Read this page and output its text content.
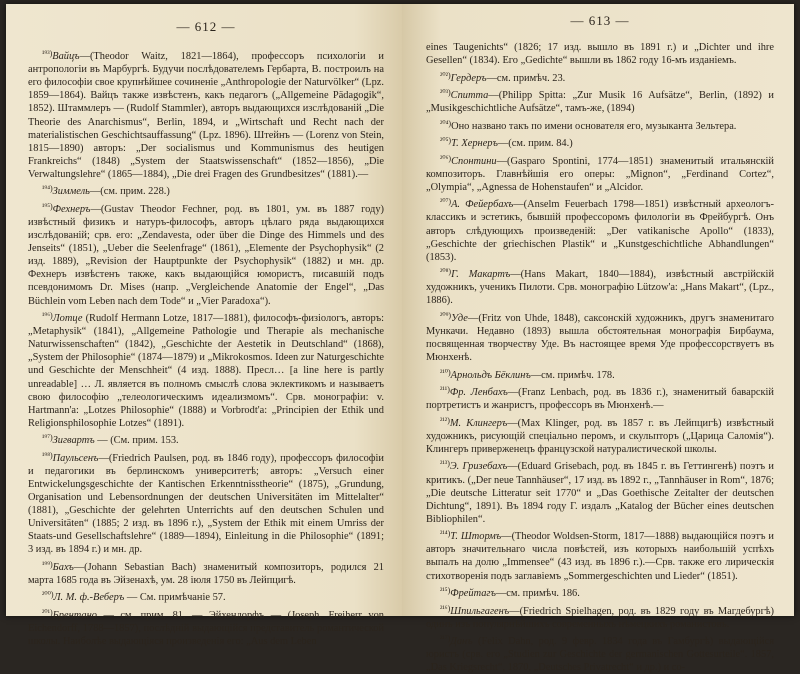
— 612 —

$^{^{193})}$Вайцъ—(Theodor Waitz, 1821—1864), профессоръ психологіи и антропологіи въ Марбургѣ. Будучи послѣдователемъ Гербарта, В. построилъ на его философіи свое крупнѣйшее сочиненіе „Anthropologie der Naturvölker“ (Lpz. 1859—1864). Вайцъ также извѣстенъ, какъ педагогъ („Allgemeine Pädagogik“, 1852). Штаммлеръ — (Rudolf Stammler), авторъ выдающихся изслѣдованій „Die Theorie des Anarchismus“, Berlin, 1894, и „Wirtschaft und Recht nach der materialistischen Geschichtsauffassung“ (Lpz. 1896). Штейнъ — (Lorenz von Stein, 1815—1890) авторъ: „Der socialismus und Kommunismus des heutigen Frankreichs“ (1848) „System der Staatswissenschaft“ (1852—1856), „Die Verwaltungslehre“ (1865—1884), „Die drei Fragen des Grundbesitzes“ (1881).—

$^{^{194})}$Зиммель—(см. прим. 228.)

$^{^{195})}$Фехнеръ—(Gustav Theodor Fechner, род. въ 1801, ум. въ 1887 году) извѣстный физикъ и натуръ-философъ, авторъ цѣлаго ряда выдающихся изслѣдованій; срв. его: „Zendavesta, oder über die Dinge des Himmels und des Jenseits“ (1851), „Ueber die Seelenfrage“ (1861), „Elemente der Psychophysik“ (2 изд. 1889), „Revision der Hauptpunkte der Psychophysik“ (1882) и мн. др. Фехнеръ извѣстенъ также, какъ выдающійся юмористъ, писавшій подъ псевдонимомъ Dr. Mises (напр. „Vergleichende Anatomie der Engel“, „Das Büchlein vom Leben nach dem Tode“ и „Vier Paradoxa“).

$^{^{196})}$Лотце (Rudolf Hermann Lotze, 1817—1881), философъ-физіологъ, авторъ: „Metaphysik“ (1841), „Allgemeine Pathologie und Therapie als mechanische Naturwissenschaften“ (1842), „Geschichte der Aestetik in Deutschland“ (1868), „System der Philosophie“ (1874—1879) и „Mikrokosmos. Ideen zur Naturgeschichte und Geschichte der Menschheit“ (4 изд. 1888). Пресл… [a line here is partly unreadable] … Л. является въ полномъ смыслѣ слова эклектикомъ и называетъ свою философію „телеологическимъ идеализмомъ“. Срв. монографіи: v. Hartmann'a: „Lotzes Philosophie“ (1888) и Vorbrodt'a: „Principien der Ethik und Religionsphilosophie Lotzes“ (1891).

$^{^{197})}$Зигвартъ — (См. прим. 153.

$^{^{198})}$Паульсенъ—(Friedrich Paulsen, род. въ 1846 году), профессоръ философіи и педагогики въ берлинскомъ университетѣ; авторъ: „Versuch einer Entwickelungsgeschichte der Kantischen Erkenntnisstheorie“ (1875), „Grundung, Organisation und Lebensordnungen der deutschen Universitäten im Mittelalter“ (1881), „Geschichte der gelehrten Unterrichts auf den deutschen Schulen und Universitäten“ (1885; 2 изд. въ 1896 г.), „System der Ethik mit einem Umriss der Staats-und Gesellschaftslehre“ (1889—1894), Einleitung in die Philosophie“ (1891; 3 изд. въ 1894 г.) и мн. др.

$^{^{199})}$Бахъ—(Johann Sebastian Bach) знаменитый композиторъ, родился 21 марта 1685 года въ Эйзенахѣ, ум. 28 іюля 1750 въ Лейпцигѣ.

$^{^{200})}$Л. М. ф.-Веберъ — См. примѣчаніе 57.

$^{^{201})}$Брентано — см. прим. 81. — Эйхендорфъ — (Joseph, Freiherr von Eichendorff, 1788—1857), послѣдній выдающійся представитель романтической школы. Наиболѣе выдающіяся произведенія его: „Aus dem Leben

— 613 —

eines Taugenichts“ (1826; 17 изд. вышло въ 1891 г.) и „Dichter und ihre Gesellen“ (1834). Его „Gedichte“ вышли въ 1862 году 16-мъ изданіемъ.

$^{^{202})}$Гердеръ—см. примѣч. 23.

$^{^{203})}$Спитта—(Philipp Spitta: „Zur Musik 16 Aufsätze“, Berlin, (1892) и „Musikgeschichtliche Aufsätze“, тамъ-же, (1894)

$^{^{204})}$Оно названо такъ по имени основателя его, музыканта Зельтера.

$^{^{205})}$Т. Хернеръ—(см. прим. 84.)

$^{^{206})}$Спонтини—(Gasparo Spontini, 1774—1851) знаменитый итальянскій композиторъ. Главнѣйшія его оперы: „Mignon“, „Ferdinand Cortez“, „Olympia“, „Agnessa de Hohenstaufen“ и „Alcidor.

$^{^{207})}$А. Фейербахъ—(Anselm Feuerbach 1798—1851) извѣстный археологъ-классикъ и эстетикъ, бывшій профессоромъ филологіи въ Фрейбургѣ. Онъ авторъ слѣдующихъ произведеній: „Der vatikanische Apollo“ (1833), „Geschichte der griechischen Plastik“ и „Kunstgeschichtliche Abhandlungen“ (1853).

$^{^{208})}$Г. Макартъ—(Hans Makart, 1840—1884), извѣстный австрійскій художникъ, ученикъ Пилоти. Срв. монографію Lützow'a: „Hans Makart“, (Lpz., 1886).

$^{^{209})}$Уде—(Fritz von Uhde, 1848), саксонскій художникъ, другъ знаменитаго Мункачи. Недавно (1893) вышла обстоятельная монографія Бирбаума, посвященная творчеству Уде. Въ настоящее время Уде профессорствуетъ въ Мюнхенѣ.

$^{^{210})}$Арнольдъ Бёклинъ—см. примѣч. 178.

$^{^{211})}$Фр. Ленбахъ—(Franz Lenbach, род. въ 1836 г.), знаменитый баварскій портретистъ и жанристъ, профессоръ въ Мюнхенѣ.—

$^{^{212})}$М. Клингеръ—(Max Klinger, род. въ 1857 г. въ Лейпцигѣ) извѣстный художникъ, рисующій спеціально перомъ, и скульпторъ („Царица Саломія“). Клингеръ приверженецъ французской натуралистической школы.

$^{^{213})}$Э. Гризебахъ—(Eduard Grisebach, род. въ 1845 г. въ Геттингенѣ) поэтъ и критикъ. („Der neue Tannhäuser“, 17 изд. въ 1892 г., „Tannhäuser in Rom“, 1876; „Die deutsche Litteratur seit 1770“ и „Das Goethische Zeitalter der deutschen Dichtung“, 1891). Въ 1894 году Г. издалъ „Katalog der Bücher eines deutschen Bibliophilen“.

$^{^{214})}$Т. Штормъ—(Theodor Woldsen-Storm, 1817—1888) выдающійся поэтъ и авторъ значительнаго числа повѣстей, изъ которыхъ наибольшій успѣхъ выпалъ на долю „Immensee“ (43 изд. въ 1896 г.).—Срв. также его лирическія стихотворенія подъ заглавіемъ „Sommergeschichten und Lieder“ (1851).

$^{^{215})}$Фрейтагъ—см. примѣч. 186.

$^{^{216})}$Шпильгагенъ—(Friedrich Spielhagen, род. въ 1829 году въ Магдебургѣ) одинъ изъ популярнѣйшихъ современныхъ нѣмецкихъ романистовъ.

$^{^{217})}$Данъ (Felix Dahn, род. 9 февр. 1834 года въ Гамбургѣ) выдающійся юристъ (срв. его „Studien zur Geschichte der germanischen Gottesurteile“. 1857, „Das Kriegsrecht“, 1870, „Deutsches Privatrecht“ и др.) и со-
